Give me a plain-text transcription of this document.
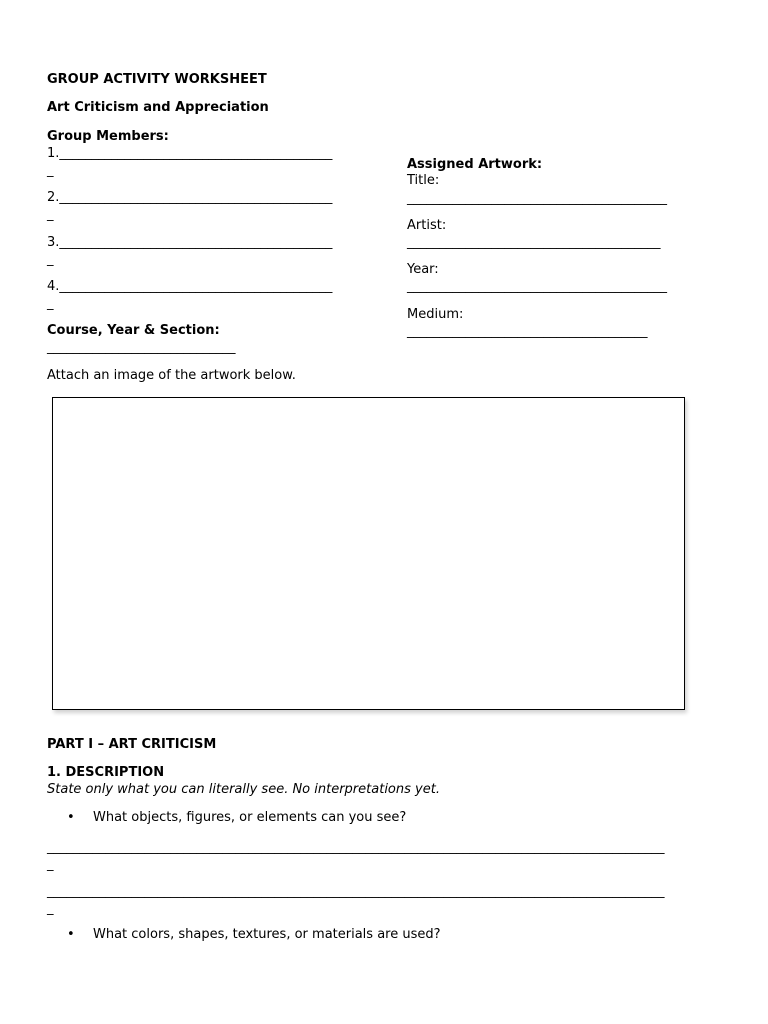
GROUP ACTIVITY WORKSHEET
Art Criticism and Appreciation
Group Members:
1.__________________________________________
_
2.__________________________________________
_
3.__________________________________________
_
4.__________________________________________
_
Course, Year & Section:
_____________________________
Assigned Artwork:
Title:
________________________________________
Artist:
_______________________________________
Year:
________________________________________
Medium:
_____________________________________
Attach an image of the artwork below.
PART I – ART CRITICISM
1. DESCRIPTION
State only what you can literally see. No interpretations yet.
• What objects, figures, or elements can you see?
_______________________________________________________________________________________________
_
_______________________________________________________________________________________________
_
• What colors, shapes, textures, or materials are used?
